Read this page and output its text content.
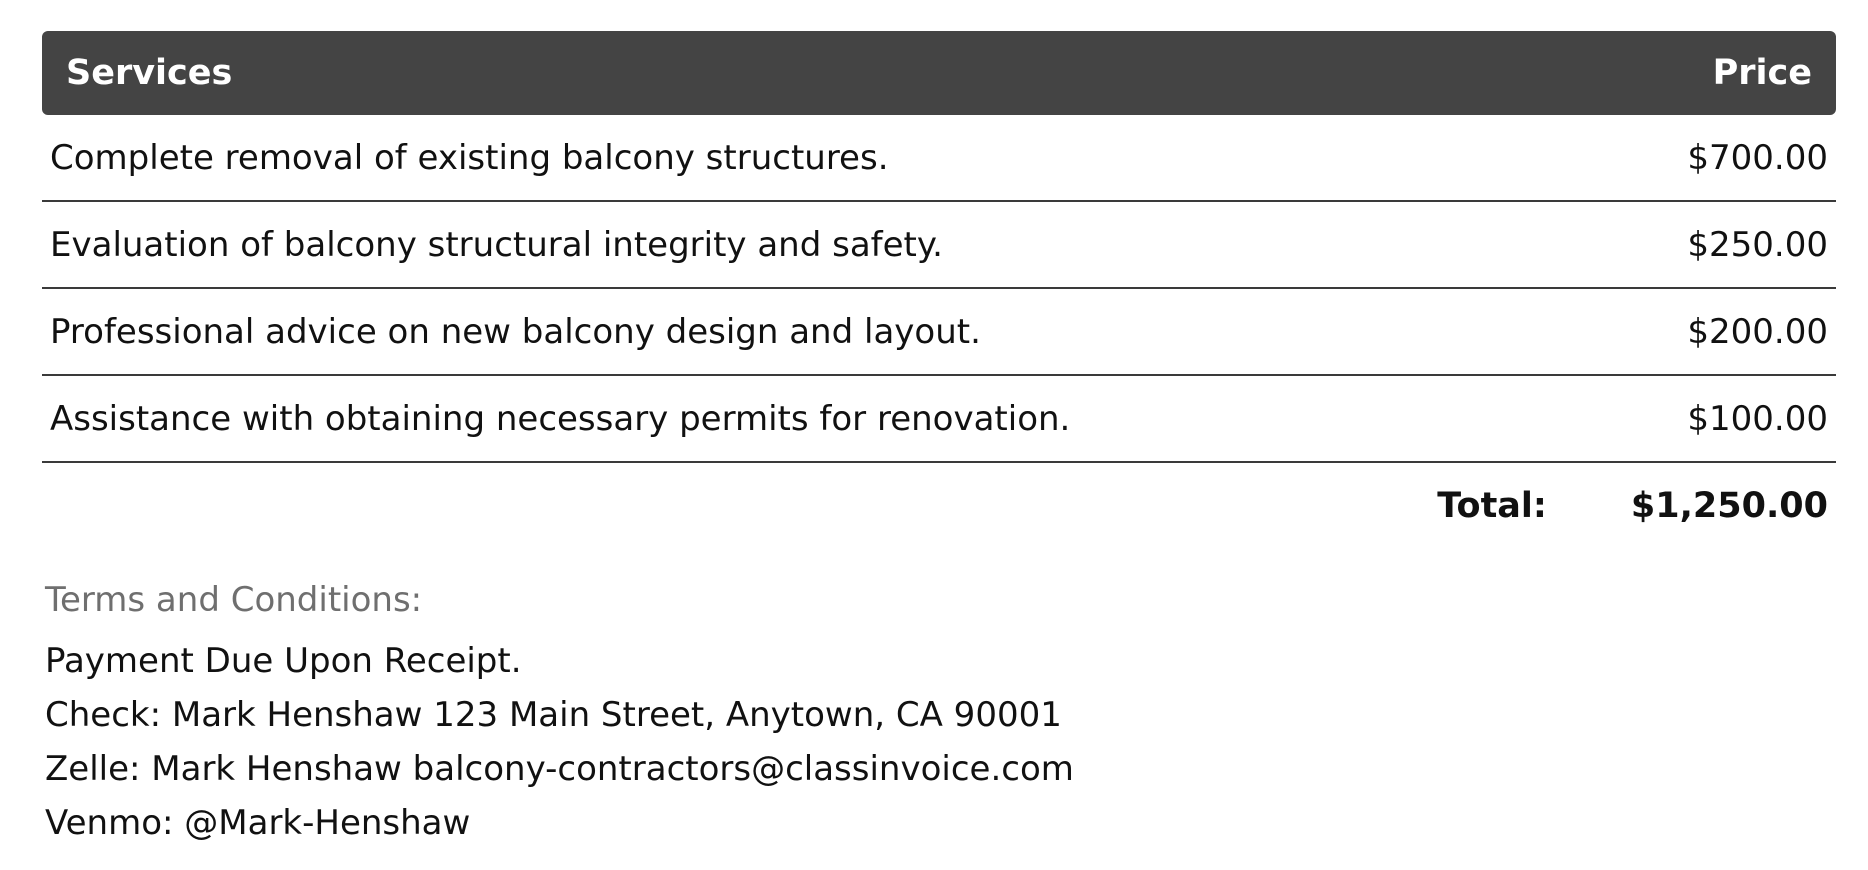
Services	Price
Complete removal of existing balcony structures.	$700.00
Evaluation of balcony structural integrity and safety.	$250.00
Professional advice on new balcony design and layout.	$200.00
Assistance with obtaining necessary permits for renovation.	$100.00
Total: $1,250.00
Terms and Conditions:
Payment Due Upon Receipt.
Check: Mark Henshaw 123 Main Street, Anytown, CA 90001
Zelle: Mark Henshaw balcony-contractors@classinvoice.com
Venmo: @Mark-Henshaw
